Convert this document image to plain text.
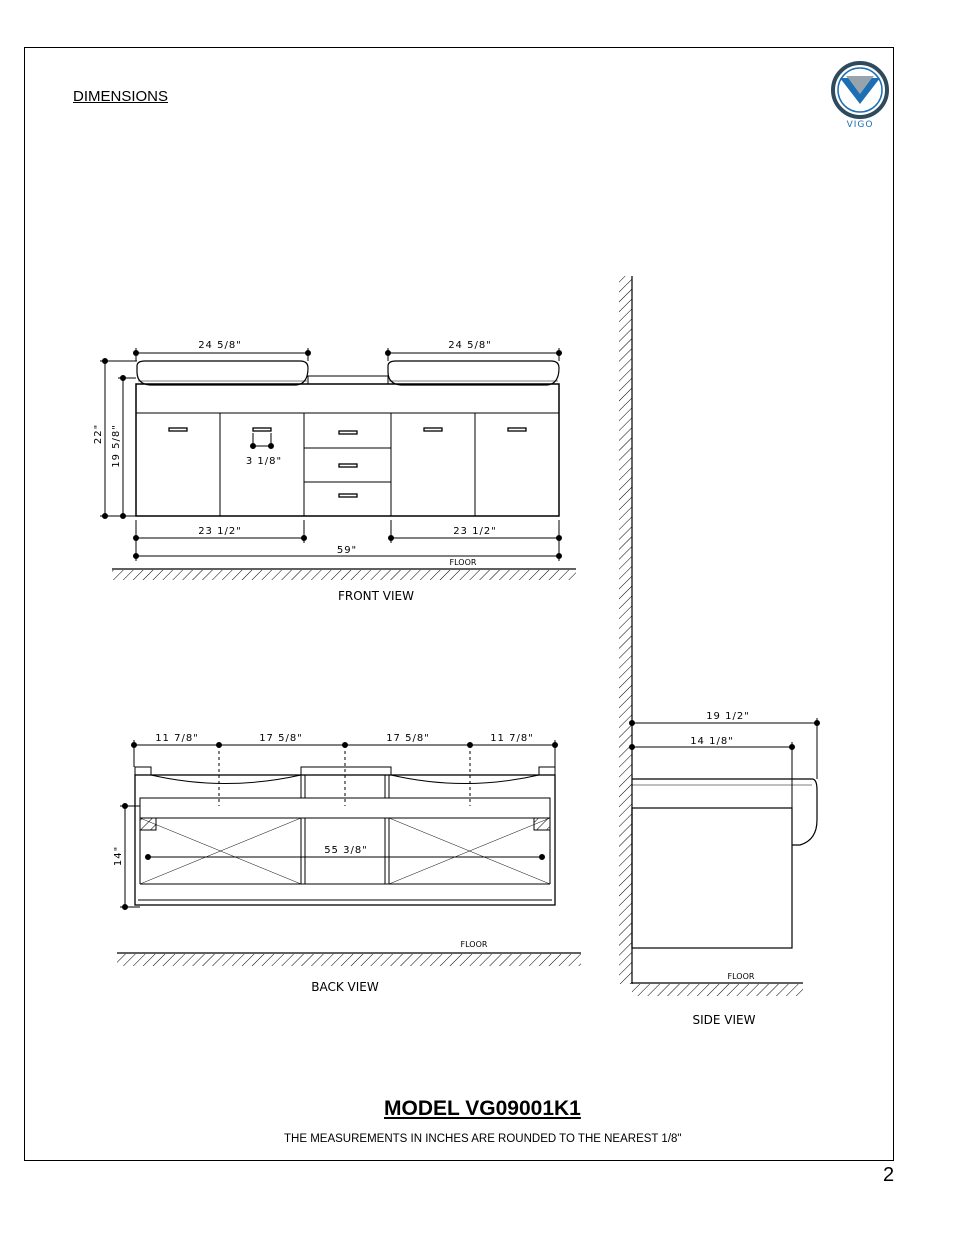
DIMENSIONS
VIGO
24 5/8"	24 5/8"
22" 19 5/8"	3 1/8"
23 1/2"	23 1/2"
59"
FLOOR
FRONT VIEW
11 7/8"	17 5/8"	17 5/8"	11 7/8"
14"	55 3/8"
FLOOR
BACK VIEW
19 1/2"
14 1/8"
FLOOR
SIDE VIEW
MODEL VG09001K1
THE MEASUREMENTS IN INCHES ARE ROUNDED TO THE NEAREST 1/8"
2
